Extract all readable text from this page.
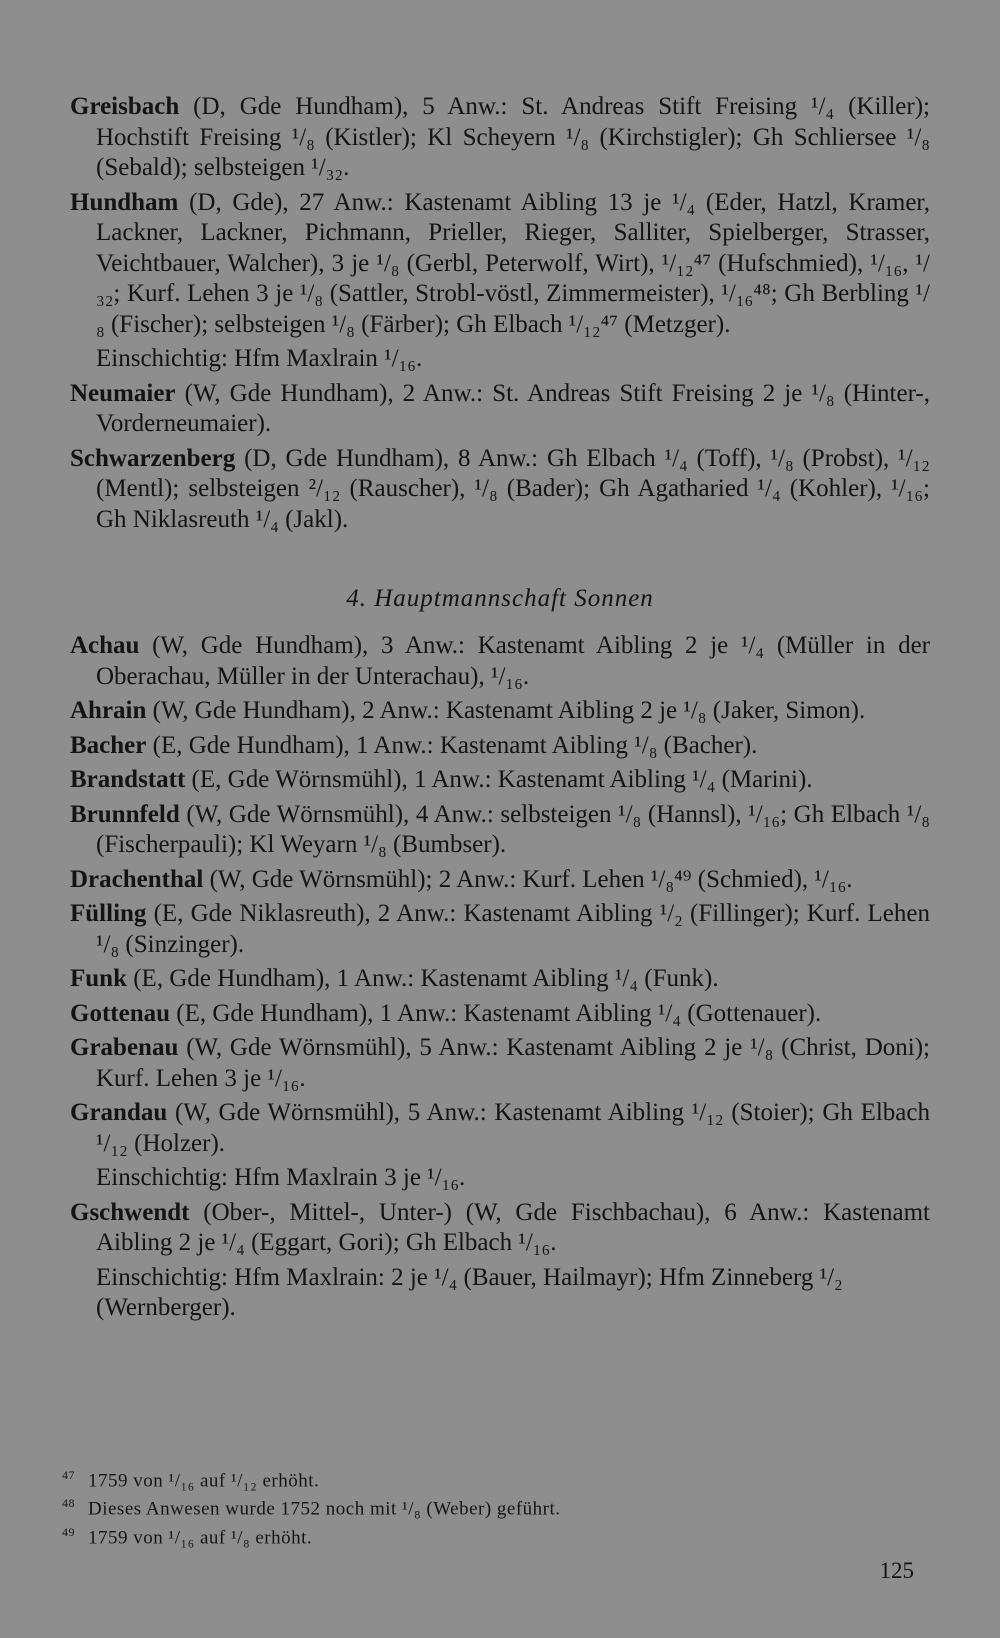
Greisbach (D, Gde Hundham), 5 Anw.: St. Andreas Stift Freising ¹/₄ (Killer); Hochstift Freising ¹/₈ (Kistler); Kl Scheyern ¹/₈ (Kirchstigler); Gh Schliersee ¹/₈ (Sebald); selbsteigen ¹/₃₂.

Hundham (D, Gde), 27 Anw.: Kastenamt Aibling 13 je ¹/₄ (Eder, Hatzl, Kramer, Lackner, Lackner, Pichmann, Prieller, Rieger, Salliter, Spielberger, Strasser, Veichtbauer, Walcher), 3 je ¹/₈ (Gerbl, Peterwolf, Wirt), ¹/₁₂⁴⁷ (Hufschmied), ¹/₁₆, ¹/₃₂; Kurf. Lehen 3 je ¹/₈ (Sattler, Strobl-vöstl, Zimmermeister), ¹/₁₆⁴⁸; Gh Berbling ¹/₈ (Fischer); selbsteigen ¹/₈ (Färber); Gh Elbach ¹/₁₂⁴⁷ (Metzger).

Einschichtig: Hfm Maxlrain ¹/₁₆.

Neumaier (W, Gde Hundham), 2 Anw.: St. Andreas Stift Freising 2 je ¹/₈ (Hinter-, Vorderneumaier).

Schwarzenberg (D, Gde Hundham), 8 Anw.: Gh Elbach ¹/₄ (Toff), ¹/₈ (Probst), ¹/₁₂ (Mentl); selbsteigen ²/₁₂ (Rauscher), ¹/₈ (Bader); Gh Agatharied ¹/₄ (Kohler), ¹/₁₆; Gh Niklasreuth ¹/₄ (Jakl).

4. Hauptmannschaft Sonnen

Achau (W, Gde Hundham), 3 Anw.: Kastenamt Aibling 2 je ¹/₄ (Müller in der Oberachau, Müller in der Unterachau), ¹/₁₆.

Ahrain (W, Gde Hundham), 2 Anw.: Kastenamt Aibling 2 je ¹/₈ (Jaker, Simon).

Bacher (E, Gde Hundham), 1 Anw.: Kastenamt Aibling ¹/₈ (Bacher).

Brandstatt (E, Gde Wörnsmühl), 1 Anw.: Kastenamt Aibling ¹/₄ (Marini).

Brunnfeld (W, Gde Wörnsmühl), 4 Anw.: selbsteigen ¹/₈ (Hannsl), ¹/₁₆; Gh Elbach ¹/₈ (Fischerpauli); Kl Weyarn ¹/₈ (Bumbser).

Drachenthal (W, Gde Wörnsmühl); 2 Anw.: Kurf. Lehen ¹/₈⁴⁹ (Schmied), ¹/₁₆.

Fülling (E, Gde Niklasreuth), 2 Anw.: Kastenamt Aibling ¹/₂ (Fillinger); Kurf. Lehen ¹/₈ (Sinzinger).

Funk (E, Gde Hundham), 1 Anw.: Kastenamt Aibling ¹/₄ (Funk).

Gottenau (E, Gde Hundham), 1 Anw.: Kastenamt Aibling ¹/₄ (Gottenauer).

Grabenau (W, Gde Wörnsmühl), 5 Anw.: Kastenamt Aibling 2 je ¹/₈ (Christ, Doni); Kurf. Lehen 3 je ¹/₁₆.

Grandau (W, Gde Wörnsmühl), 5 Anw.: Kastenamt Aibling ¹/₁₂ (Stoier); Gh Elbach ¹/₁₂ (Holzer).

Einschichtig: Hfm Maxlrain 3 je ¹/₁₆.

Gschwendt (Ober-, Mittel-, Unter-) (W, Gde Fischbachau), 6 Anw.: Kastenamt Aibling 2 je ¹/₄ (Eggart, Gori); Gh Elbach ¹/₁₆.

Einschichtig: Hfm Maxlrain: 2 je ¹/₄ (Bauer, Hailmayr); Hfm Zinneberg ¹/₂ (Wernberger).
47 1759 von ¹/₁₆ auf ¹/₁₂ erhöht.
48 Dieses Anwesen wurde 1752 noch mit ¹/₈ (Weber) geführt.
49 1759 von ¹/₁₆ auf ¹/₈ erhöht.
125
